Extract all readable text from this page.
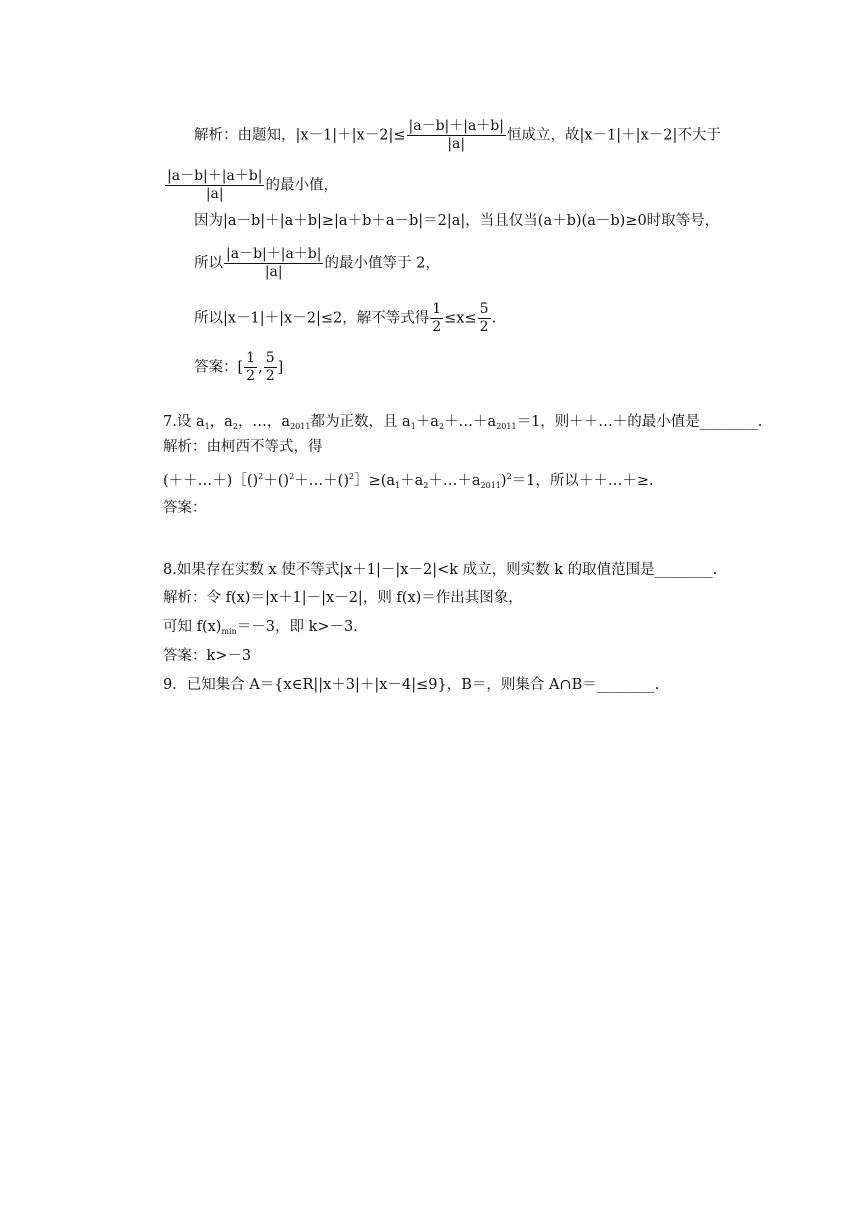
解析：由题知，$|x-1|+|x-2|\le \frac{|a-b|+|a+b|}{|a|}$ 恒成立，故|x－1|＋|x－2|不大于
$\frac{|a-b|+|a+b|}{|a|}$ 的最小值，
因为|a－b|＋|a＋b|≥|a＋b＋a－b|＝2|a|，当且仅当(a＋b)(a－b)≥0时取等号，
所以 $\frac{|a-b|+|a+b|}{|a|}$ 的最小值等于 2，
所以|x－1|＋|x－2|≤2，解不等式得 $\frac{1}{2} \le x\le \frac{5}{2}$ .
答案：[ $\frac{1}{2}$ , $\frac{5}{2}$ ]
7.设 $a_1$，$a_2$，…，$a_{2011}$都为正数，且 $a_1+a_2+\dots+a_{2011}=1$，则＋＋…＋的最小值是________.
解析：由柯西不等式，得
$(++\dots+)[()^2+()^2+\dots+()^2]\ge(a_1+a_2+\dots+a_{2011})^2=1$，所以＋＋…＋≥.
答案：
8.如果存在实数 x 使不等式|x＋1|－|x－2|<k 成立，则实数 k 的取值范围是________.
解析：令 f(x)＝|x＋1|－|x－2|，则 f(x)＝作出其图象，
可知 $f(x)_{min}=-3$，即 k>－3.
答案：k>－3
9．已知集合 A＝{x∈R||x＋3|＋|x－4|≤9}，B＝，则集合 A∩B＝________.
